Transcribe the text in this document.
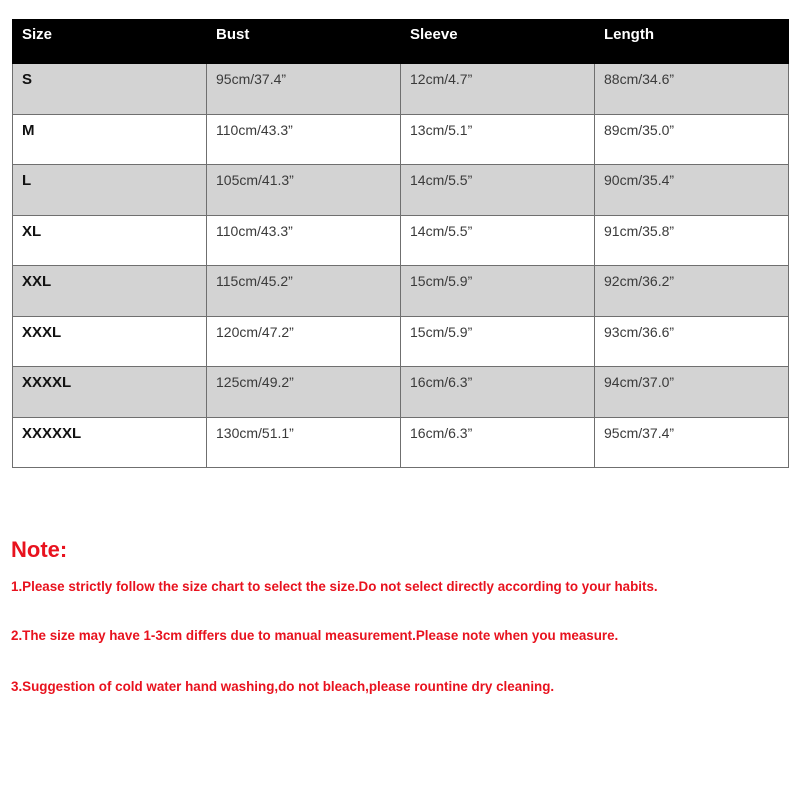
Size	Bust	Sleeve	Length
S	95cm/37.4”	12cm/4.7”	88cm/34.6”
M	110cm/43.3”	13cm/5.1”	89cm/35.0”
L	105cm/41.3”	14cm/5.5”	90cm/35.4”
XL	110cm/43.3”	14cm/5.5”	91cm/35.8”
XXL	115cm/45.2”	15cm/5.9”	92cm/36.2”
XXXL	120cm/47.2”	15cm/5.9”	93cm/36.6”
XXXXL	125cm/49.2”	16cm/6.3”	94cm/37.0”
XXXXXL	130cm/51.1”	16cm/6.3”	95cm/37.4”

Note:

1.Please strictly follow the size chart to select the size.Do not select directly according to your habits.

2.The size may have 1-3cm differs due to manual measurement.Please note when you measure.

3.Suggestion of cold water hand washing,do not bleach,please rountine dry cleaning.
